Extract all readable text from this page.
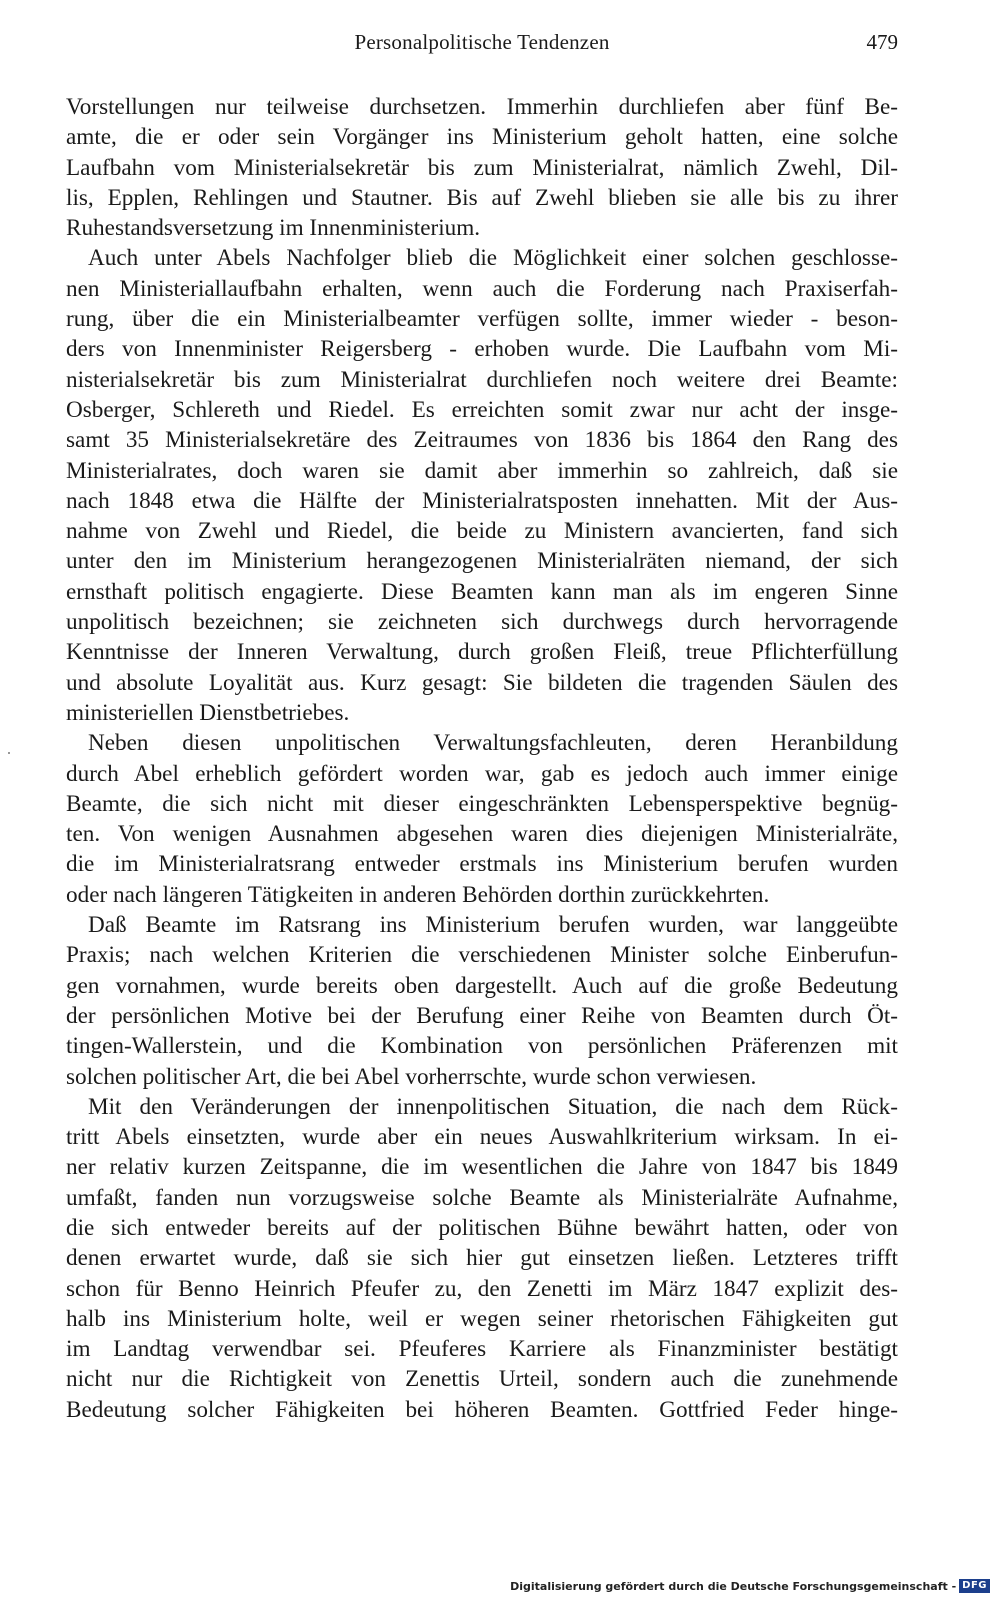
Personalpolitische Tendenzen	479

Vorstellungen nur teilweise durchsetzen. Immerhin durchliefen aber fünf Be-
amte, die er oder sein Vorgänger ins Ministerium geholt hatten, eine solche
Laufbahn vom Ministerialsekretär bis zum Ministerialrat, nämlich Zwehl, Dil-
lis, Epplen, Rehlingen und Stautner. Bis auf Zwehl blieben sie alle bis zu ihrer
Ruhestandsversetzung im Innenministerium.

Auch unter Abels Nachfolger blieb die Möglichkeit einer solchen geschlosse-
nen Ministeriallaufbahn erhalten, wenn auch die Forderung nach Praxiserfah-
rung, über die ein Ministerialbeamter verfügen sollte, immer wieder - beson-
ders von Innenminister Reigersberg - erhoben wurde. Die Laufbahn vom Mi-
nisterialsekretär bis zum Ministerialrat durchliefen noch weitere drei Beamte:
Osberger, Schlereth und Riedel. Es erreichten somit zwar nur acht der insge-
samt 35 Ministerialsekretäre des Zeitraumes von 1836 bis 1864 den Rang des
Ministerialrates, doch waren sie damit aber immerhin so zahlreich, daß sie
nach 1848 etwa die Hälfte der Ministerialratsposten innehatten. Mit der Aus-
nahme von Zwehl und Riedel, die beide zu Ministern avancierten, fand sich
unter den im Ministerium herangezogenen Ministerialräten niemand, der sich
ernsthaft politisch engagierte. Diese Beamten kann man als im engeren Sinne
unpolitisch bezeichnen; sie zeichneten sich durchwegs durch hervorragende
Kenntnisse der Inneren Verwaltung, durch großen Fleiß, treue Pflichterfüllung
und absolute Loyalität aus. Kurz gesagt: Sie bildeten die tragenden Säulen des
ministeriellen Dienstbetriebes.

Neben diesen unpolitischen Verwaltungsfachleuten, deren Heranbildung
durch Abel erheblich gefördert worden war, gab es jedoch auch immer einige
Beamte, die sich nicht mit dieser eingeschränkten Lebensperspektive begnüg-
ten. Von wenigen Ausnahmen abgesehen waren dies diejenigen Ministerialräte,
die im Ministerialratsrang entweder erstmals ins Ministerium berufen wurden
oder nach längeren Tätigkeiten in anderen Behörden dorthin zurückkehrten.

Daß Beamte im Ratsrang ins Ministerium berufen wurden, war langgeübte
Praxis; nach welchen Kriterien die verschiedenen Minister solche Einberufun-
gen vornahmen, wurde bereits oben dargestellt. Auch auf die große Bedeutung
der persönlichen Motive bei der Berufung einer Reihe von Beamten durch Öt-
tingen-Wallerstein, und die Kombination von persönlichen Präferenzen mit
solchen politischer Art, die bei Abel vorherrschte, wurde schon verwiesen.

Mit den Veränderungen der innenpolitischen Situation, die nach dem Rück-
tritt Abels einsetzten, wurde aber ein neues Auswahlkriterium wirksam. In ei-
ner relativ kurzen Zeitspanne, die im wesentlichen die Jahre von 1847 bis 1849
umfaßt, fanden nun vorzugsweise solche Beamte als Ministerialräte Aufnahme,
die sich entweder bereits auf der politischen Bühne bewährt hatten, oder von
denen erwartet wurde, daß sie sich hier gut einsetzen ließen. Letzteres trifft
schon für Benno Heinrich Pfeufer zu, den Zenetti im März 1847 explizit des-
halb ins Ministerium holte, weil er wegen seiner rhetorischen Fähigkeiten gut
im Landtag verwendbar sei. Pfeuferes Karriere als Finanzminister bestätigt
nicht nur die Richtigkeit von Zenettis Urteil, sondern auch die zunehmende
Bedeutung solcher Fähigkeiten bei höheren Beamten. Gottfried Feder hinge-

Digitalisierung gefördert durch die Deutsche Forschungsgemeinschaft - DFG
